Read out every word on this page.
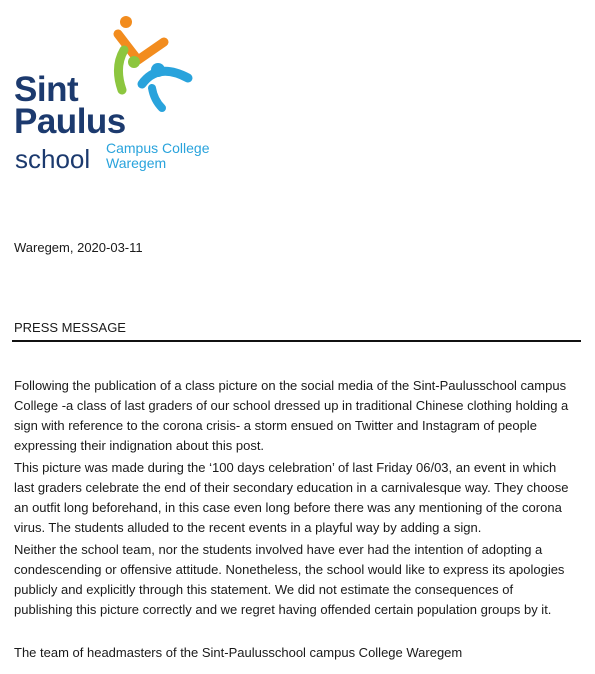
Sint
Paulus
school Campus College
Waregem
Waregem, 2020-03-11
PRESS MESSAGE

Following the publication of a class picture on the social media of the Sint-Paulusschool campus College -a class of last graders of our school dressed up in traditional Chinese clothing holding a sign with reference to the corona crisis- a storm ensued on Twitter and Instagram of people expressing their indignation about this post.

This picture was made during the ‘100 days celebration’ of last Friday 06/03, an event in which last graders celebrate the end of their secondary education in a carnivalesque way. They choose an outfit long beforehand, in this case even long before there was any mentioning of the corona virus. The students alluded to the recent events in a playful way by adding a sign.

Neither the school team, nor the students involved have ever had the intention of adopting a condescending or offensive attitude. Nonetheless, the school would like to express its apologies publicly and explicitly through this statement. We did not estimate the consequences of publishing this picture correctly and we regret having offended certain population groups by it.

The team of headmasters of the Sint-Paulusschool campus College Waregem
